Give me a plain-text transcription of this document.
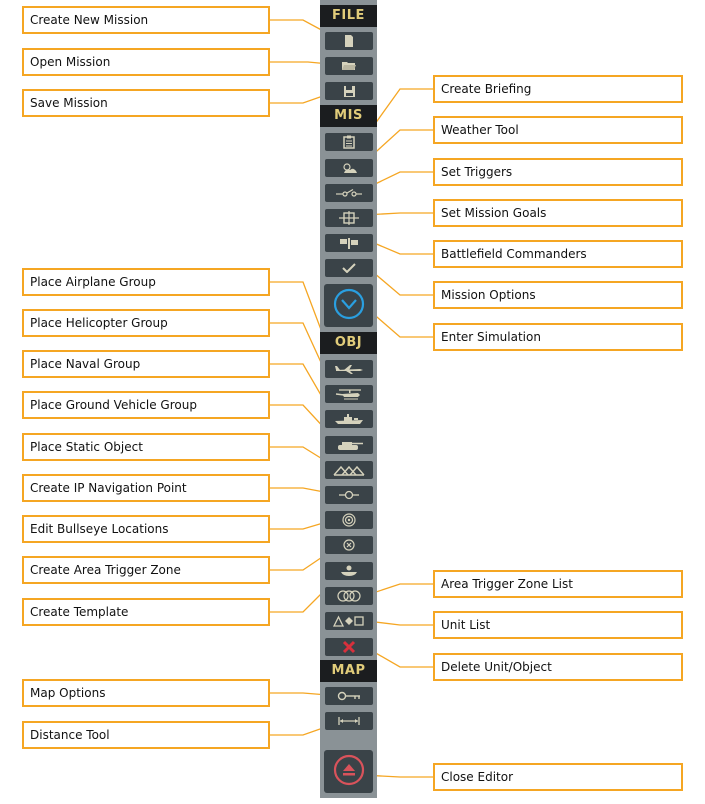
FILE
MIS
OBJ
MAP
Create New Mission
Open Mission
Save Mission
Place Airplane Group
Place Helicopter Group
Place Naval Group
Place Ground Vehicle Group
Place Static Object
Create IP Navigation Point
Edit Bullseye Locations
Create Area Trigger Zone
Create Template
Map Options
Distance Tool
Create Briefing
Weather Tool
Set Triggers
Set Mission Goals
Battlefield Commanders
Mission Options
Enter Simulation
Area Trigger Zone List
Unit List
Delete Unit/Object
Close Editor
